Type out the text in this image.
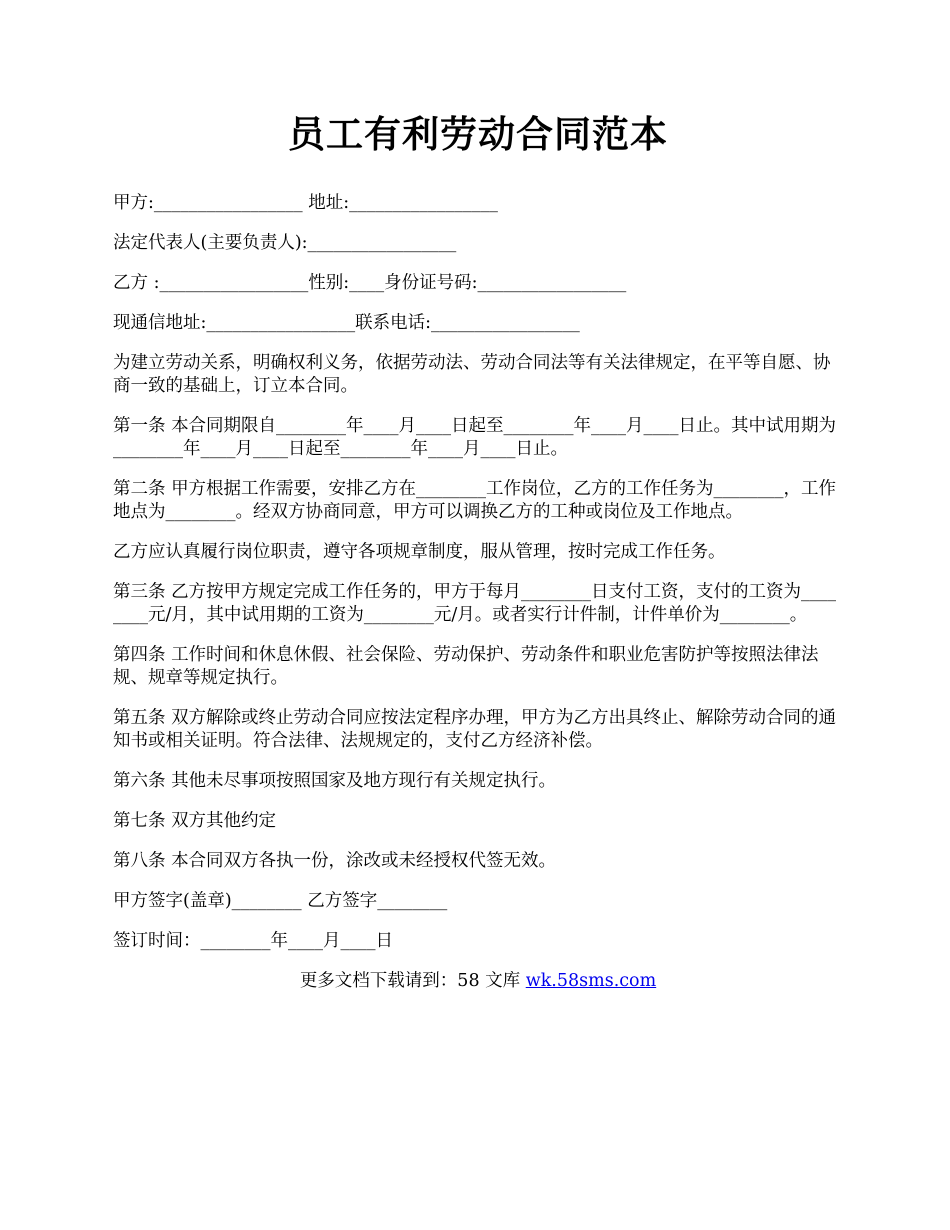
员工有利劳动合同范本

甲方:_________________ 地址:_________________

法定代表人(主要负责人):_________________

乙方 :_________________性别:____身份证号码:_________________

现通信地址:_________________联系电话:_________________

为建立劳动关系，明确权利义务，依据劳动法、劳动合同法等有关法律规定，在平等自愿、协商一致的基础上，订立本合同。

第一条 本合同期限自________年____月____日起至________年____月____日止。其中试用期为________年____月____日起至________年____月____日止。

第二条 甲方根据工作需要，安排乙方在________工作岗位，乙方的工作任务为________，工作地点为________。经双方协商同意，甲方可以调换乙方的工种或岗位及工作地点。

乙方应认真履行岗位职责，遵守各项规章制度，服从管理，按时完成工作任务。

第三条 乙方按甲方规定完成工作任务的，甲方于每月________日支付工资，支付的工资为________元/月，其中试用期的工资为________元/月。或者实行计件制，计件单价为________。

第四条 工作时间和休息休假、社会保险、劳动保护、劳动条件和职业危害防护等按照法律法规、规章等规定执行。

第五条 双方解除或终止劳动合同应按法定程序办理，甲方为乙方出具终止、解除劳动合同的通知书或相关证明。符合法律、法规规定的，支付乙方经济补偿。

第六条 其他未尽事项按照国家及地方现行有关规定执行。

第七条 双方其他约定

第八条 本合同双方各执一份，涂改或未经授权代签无效。

甲方签字(盖章)________ 乙方签字________

签订时间：________年____月____日

更多文档下载请到：58 文库 wk.58sms.com
